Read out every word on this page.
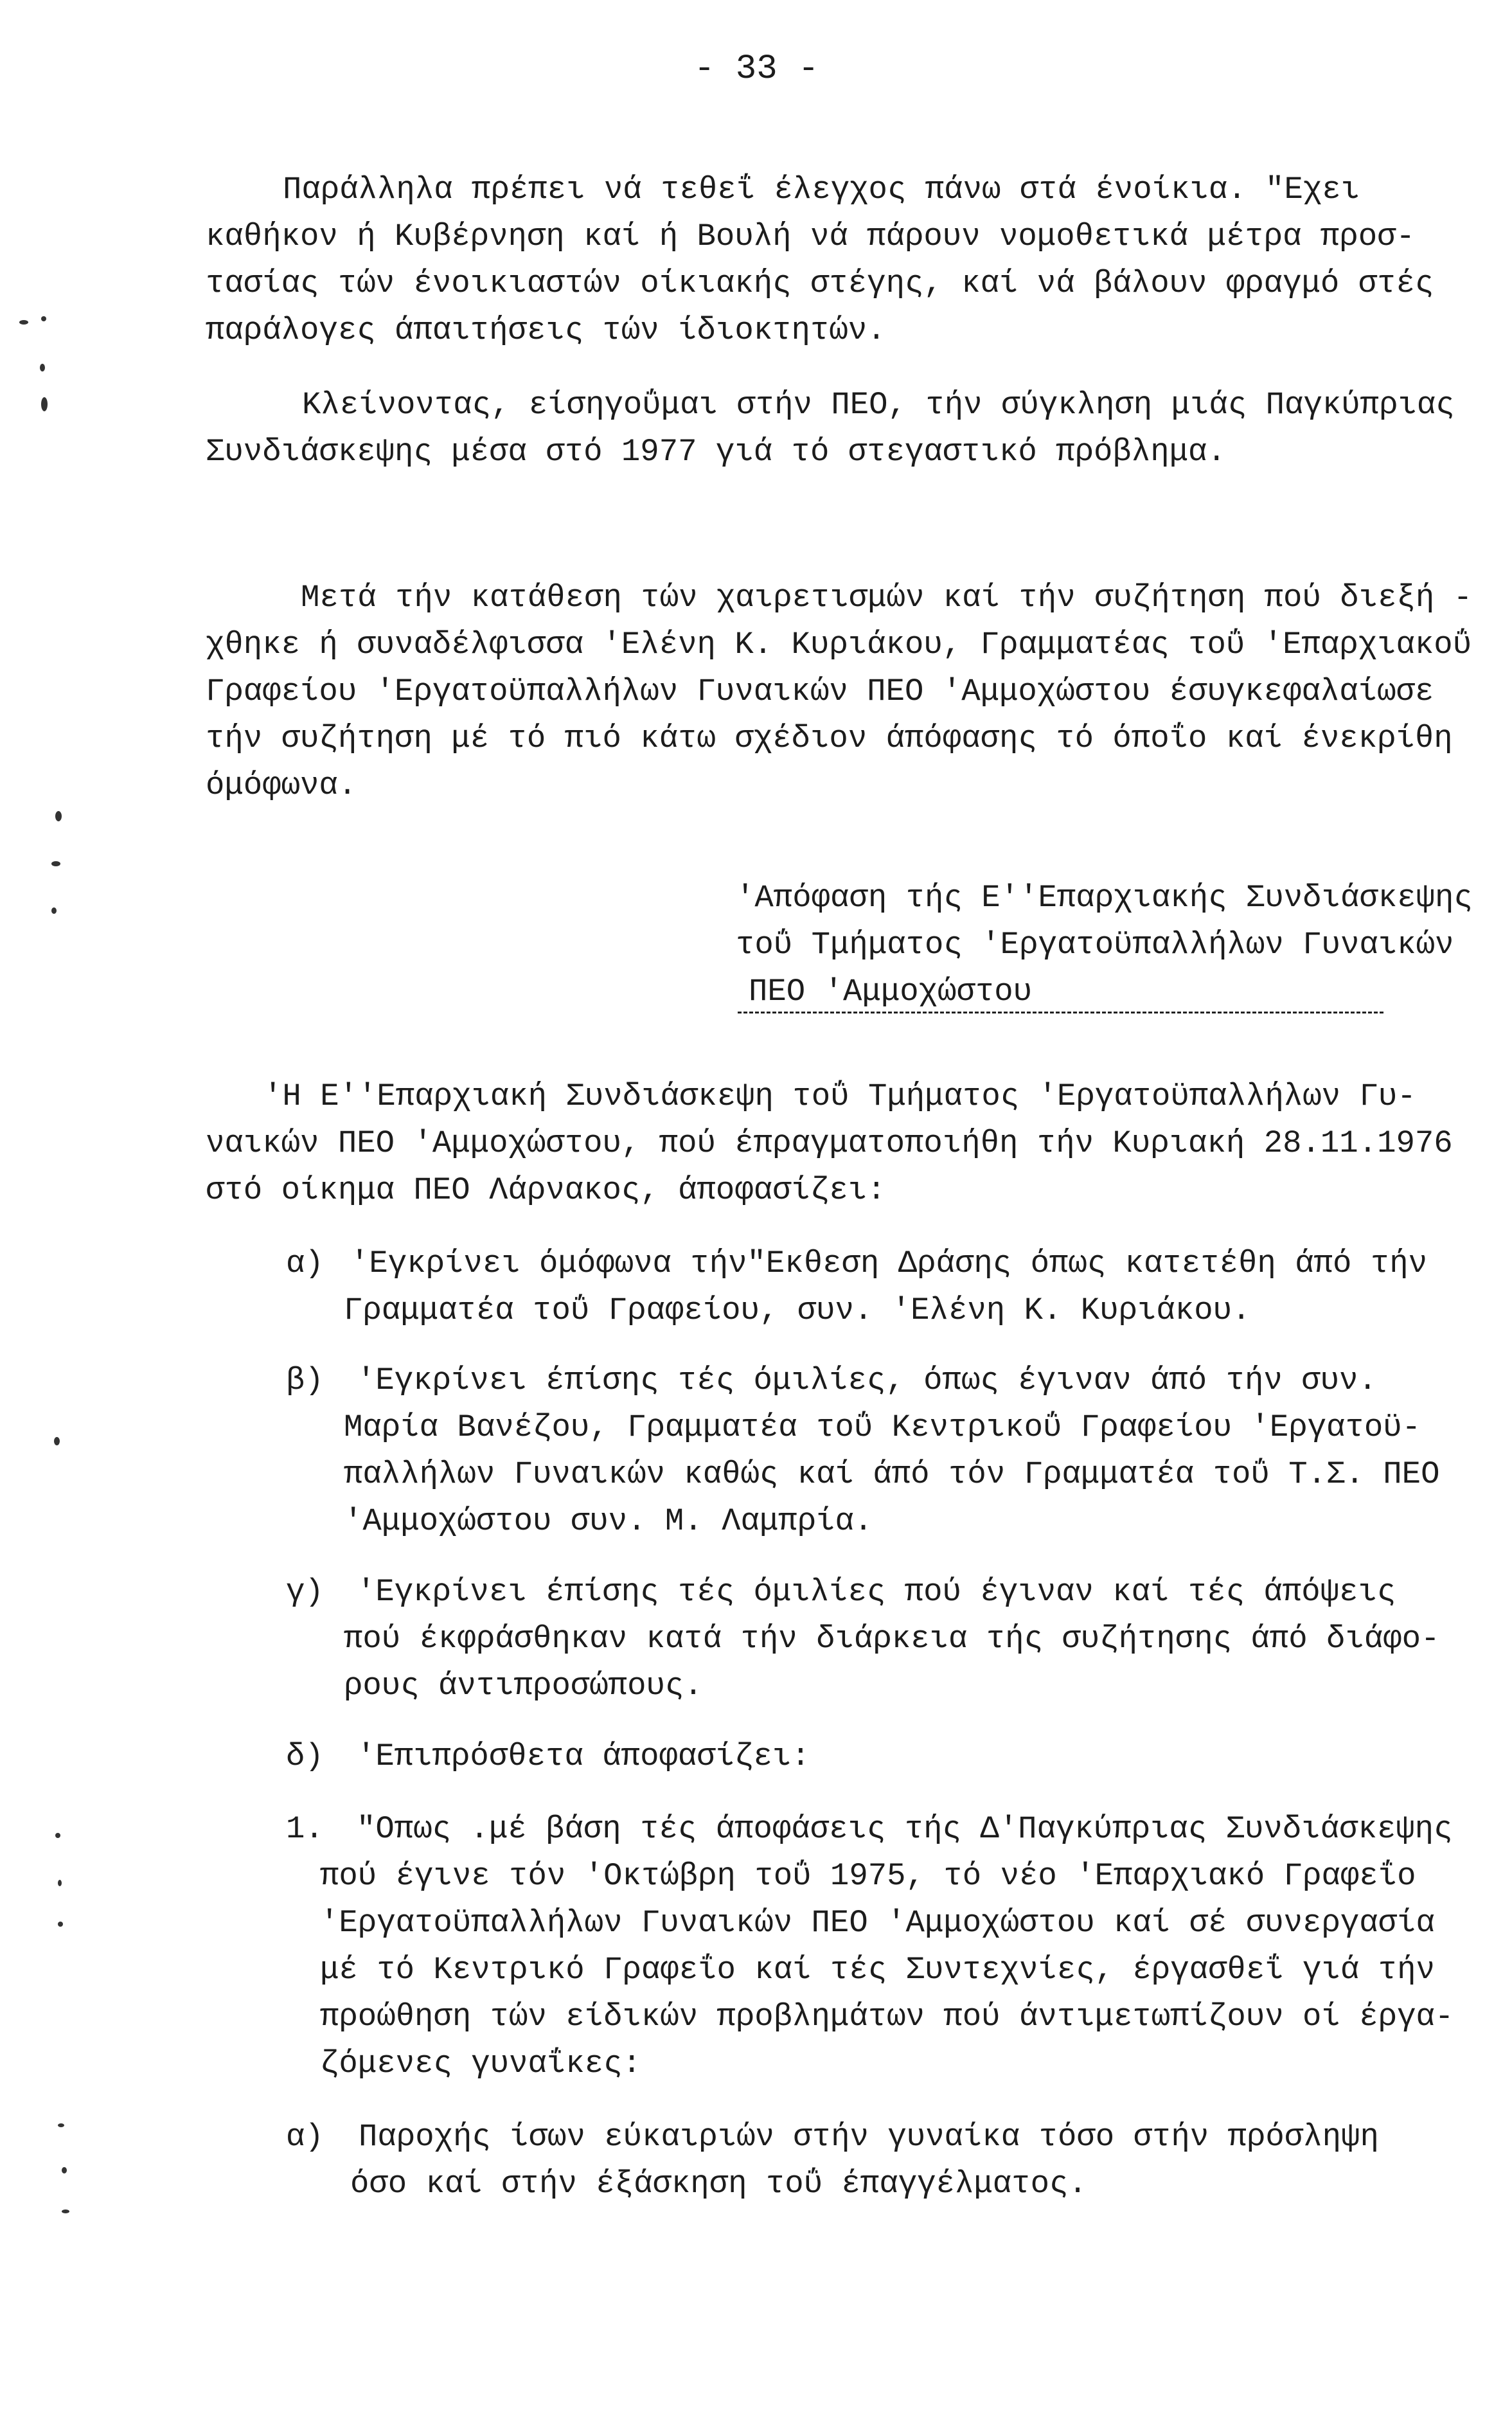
- 33 -
Παράλληλα πρέπει νά τεθεΐ έλεγχος πάνω στά ένοίκια. "Εχει
καθήκον ή Κυβέρνηση καί ή Βουλή νά πάρουν νομοθετικά μέτρα προσ-
τασίας τών ένοικιαστών οίκιακής στέγης, καί νά βάλουν φραγμό στές
παράλογες άπαιτήσεις τών ίδιοκτητών.
Κλείνοντας, είσηγοΰμαι στήν ΠΕΟ, τήν σύγκληση μιάς Παγκύπριας
Συνδιάσκεψης μέσα στό 1977 γιά τό στεγαστικό πρόβλημα.
Μετά τήν κατάθεση τών χαιρετισμών καί τήν συζήτηση πού διεξή -
χθηκε ή συναδέλφισσα 'Ελένη Κ. Κυριάκου, Γραμματέας τοΰ 'Επαρχιακοΰ
Γραφείου 'Εργατοϋπαλλήλων Γυναικών ΠΕΟ 'Αμμοχώστου έσυγκεφαλαίωσε
τήν συζήτηση μέ τό πιό κάτω σχέδιον άπόφασης τό όποΐο καί ένεκρίθη
όμόφωνα.
'Απόφαση τής Ε''Επαρχιακής Συνδιάσκεψης
τοΰ Τμήματος 'Εργατοϋπαλλήλων Γυναικών
ΠΕΟ 'Αμμοχώστου
'Η Ε''Επαρχιακή Συνδιάσκεψη τοΰ Τμήματος 'Εργατοϋπαλλήλων Γυ-
ναικών ΠΕΟ 'Αμμοχώστου, πού έπραγματοποιήθη τήν Κυριακή 28.11.1976
στό οίκημα ΠΕΟ Λάρνακος, άποφασίζει:
α) 'Εγκρίνει όμόφωνα τήν"Εκθεση Δράσης όπως κατετέθη άπό τήν
Γραμματέα τοΰ Γραφείου, συν. 'Ελένη Κ. Κυριάκου.
β) 'Εγκρίνει έπίσης τές όμιλίες, όπως έγιναν άπό τήν συν.
Μαρία Βανέζου, Γραμματέα τοΰ Κεντρικοΰ Γραφείου 'Εργατοϋ-
παλλήλων Γυναικών καθώς καί άπό τόν Γραμματέα τοΰ Τ.Σ. ΠΕΟ
'Αμμοχώστου συν. Μ. Λαμπρία.
γ) 'Εγκρίνει έπίσης τές όμιλίες πού έγιναν καί τές άπόψεις
πού έκφράσθηκαν κατά τήν διάρκεια τής συζήτησης άπό διάφο-
ρους άντιπροσώπους.
δ) 'Επιπρόσθετα άποφασίζει:
1. "Οπως .μέ βάση τές άποφάσεις τής Δ'Παγκύπριας Συνδιάσκεψης
πού έγινε τόν 'Οκτώβρη τοΰ 1975, τό νέο 'Επαρχιακό Γραφεΐο
'Εργατοϋπαλλήλων Γυναικών ΠΕΟ 'Αμμοχώστου καί σέ συνεργασία
μέ τό Κεντρικό Γραφεΐο καί τές Συντεχνίες, έργασθεΐ γιά τήν
προώθηση τών είδικών προβλημάτων πού άντιμετωπίζουν οί έργα-
ζόμενες γυναΐκες:
α) Παροχής ίσων εύκαιριών στήν γυναίκα τόσο στήν πρόσληψη
όσο καί στήν έξάσκηση τοΰ έπαγγέλματος.
